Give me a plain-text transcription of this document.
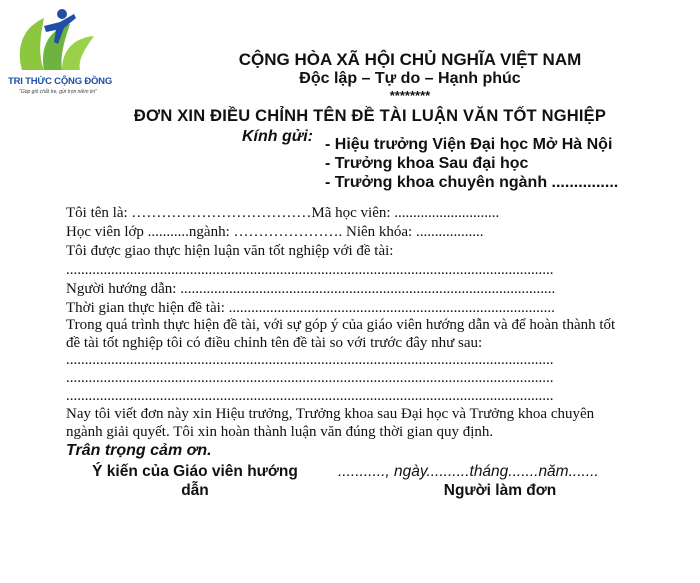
TRI THỨC CỘNG ĐỒNG
"Góp gió chắt tre, gửi trọn niềm tin"
CỘNG HÒA XÃ HỘI CHỦ NGHĨA VIỆT NAM
Độc lập – Tự do – Hạnh phúc
********
ĐƠN XIN ĐIỀU CHỈNH TÊN ĐỀ TÀI LUẬN VĂN TỐT NGHIỆP
Kính gửi: - Hiệu trưởng Viện Đại học Mở Hà Nội
- Trưởng khoa Sau đại học
- Trưởng khoa chuyên ngành ...............
Tôi tên là: ………………………………Mã học viên: ............................
Học viên lớp ...........ngành: …………………. Niên khóa: ..................
Tôi được giao thực hiện luận văn tốt nghiệp với đề tài:
..................................................................................................................................
Người hướng dẫn: ....................................................................................................
Thời gian thực hiện đề tài: .......................................................................................
Trong quá trình thực hiện đề tài, với sự góp ý của giáo viên hướng dẫn và để hoàn thành tốt
đề tài tốt nghiệp tôi có điều chỉnh tên đề tài so với trước đây như sau:
..................................................................................................................................
..................................................................................................................................
..................................................................................................................................
Nay tôi viết đơn này xin Hiệu trưởng, Trưởng khoa sau Đại học và Trưởng khoa chuyên
ngành giải quyết. Tôi xin hoàn thành luận văn đúng thời gian quy định.
Trân trọng cảm ơn.
Ý kiến của Giáo viên hướng
dẫn
..........., ngày..........tháng.......năm.......
Người làm đơn
